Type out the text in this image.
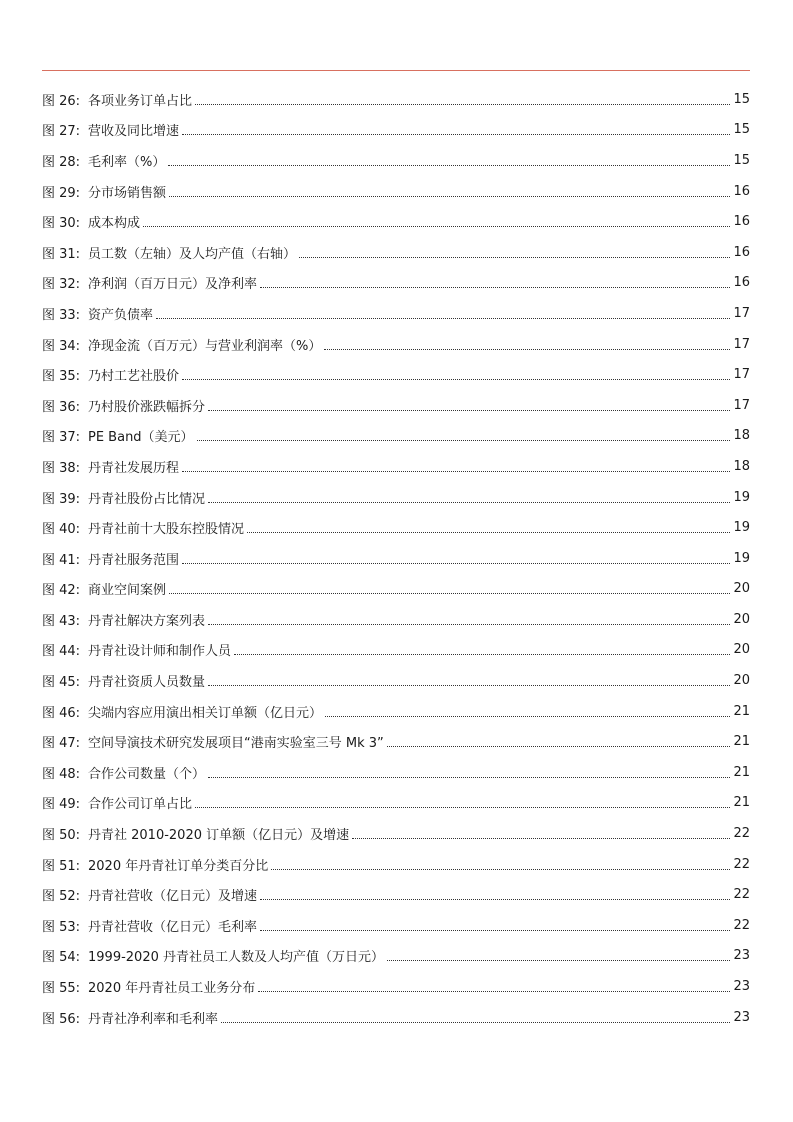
图 26: 各项业务订单占比	15
图 27: 营收及同比增速	15
图 28: 毛利率（%）	15
图 29: 分市场销售额	16
图 30: 成本构成	16
图 31: 员工数（左轴）及人均产值（右轴）	16
图 32: 净利润（百万日元）及净利率	16
图 33: 资产负债率	17
图 34: 净现金流（百万元）与营业利润率（%）	17
图 35: 乃村工艺社股价	17
图 36: 乃村股价涨跌幅拆分	17
图 37: PE Band（美元）	18
图 38: 丹青社发展历程	18
图 39: 丹青社股份占比情况	19
图 40: 丹青社前十大股东控股情况	19
图 41: 丹青社服务范围	19
图 42: 商业空间案例	20
图 43: 丹青社解决方案列表	20
图 44: 丹青社设计师和制作人员	20
图 45: 丹青社资质人员数量	20
图 46: 尖端内容应用演出相关订单额（亿日元）	21
图 47: 空间导演技术研究发展项目“港南实验室三号 Mk 3”	21
图 48: 合作公司数量（个）	21
图 49: 合作公司订单占比	21
图 50: 丹青社 2010-2020 订单额（亿日元）及增速	22
图 51: 2020 年丹青社订单分类百分比	22
图 52: 丹青社营收（亿日元）及增速	22
图 53: 丹青社营收（亿日元）毛利率	22
图 54: 1999-2020 丹青社员工人数及人均产值（万日元）	23
图 55: 2020 年丹青社员工业务分布	23
图 56: 丹青社净利率和毛利率	23
